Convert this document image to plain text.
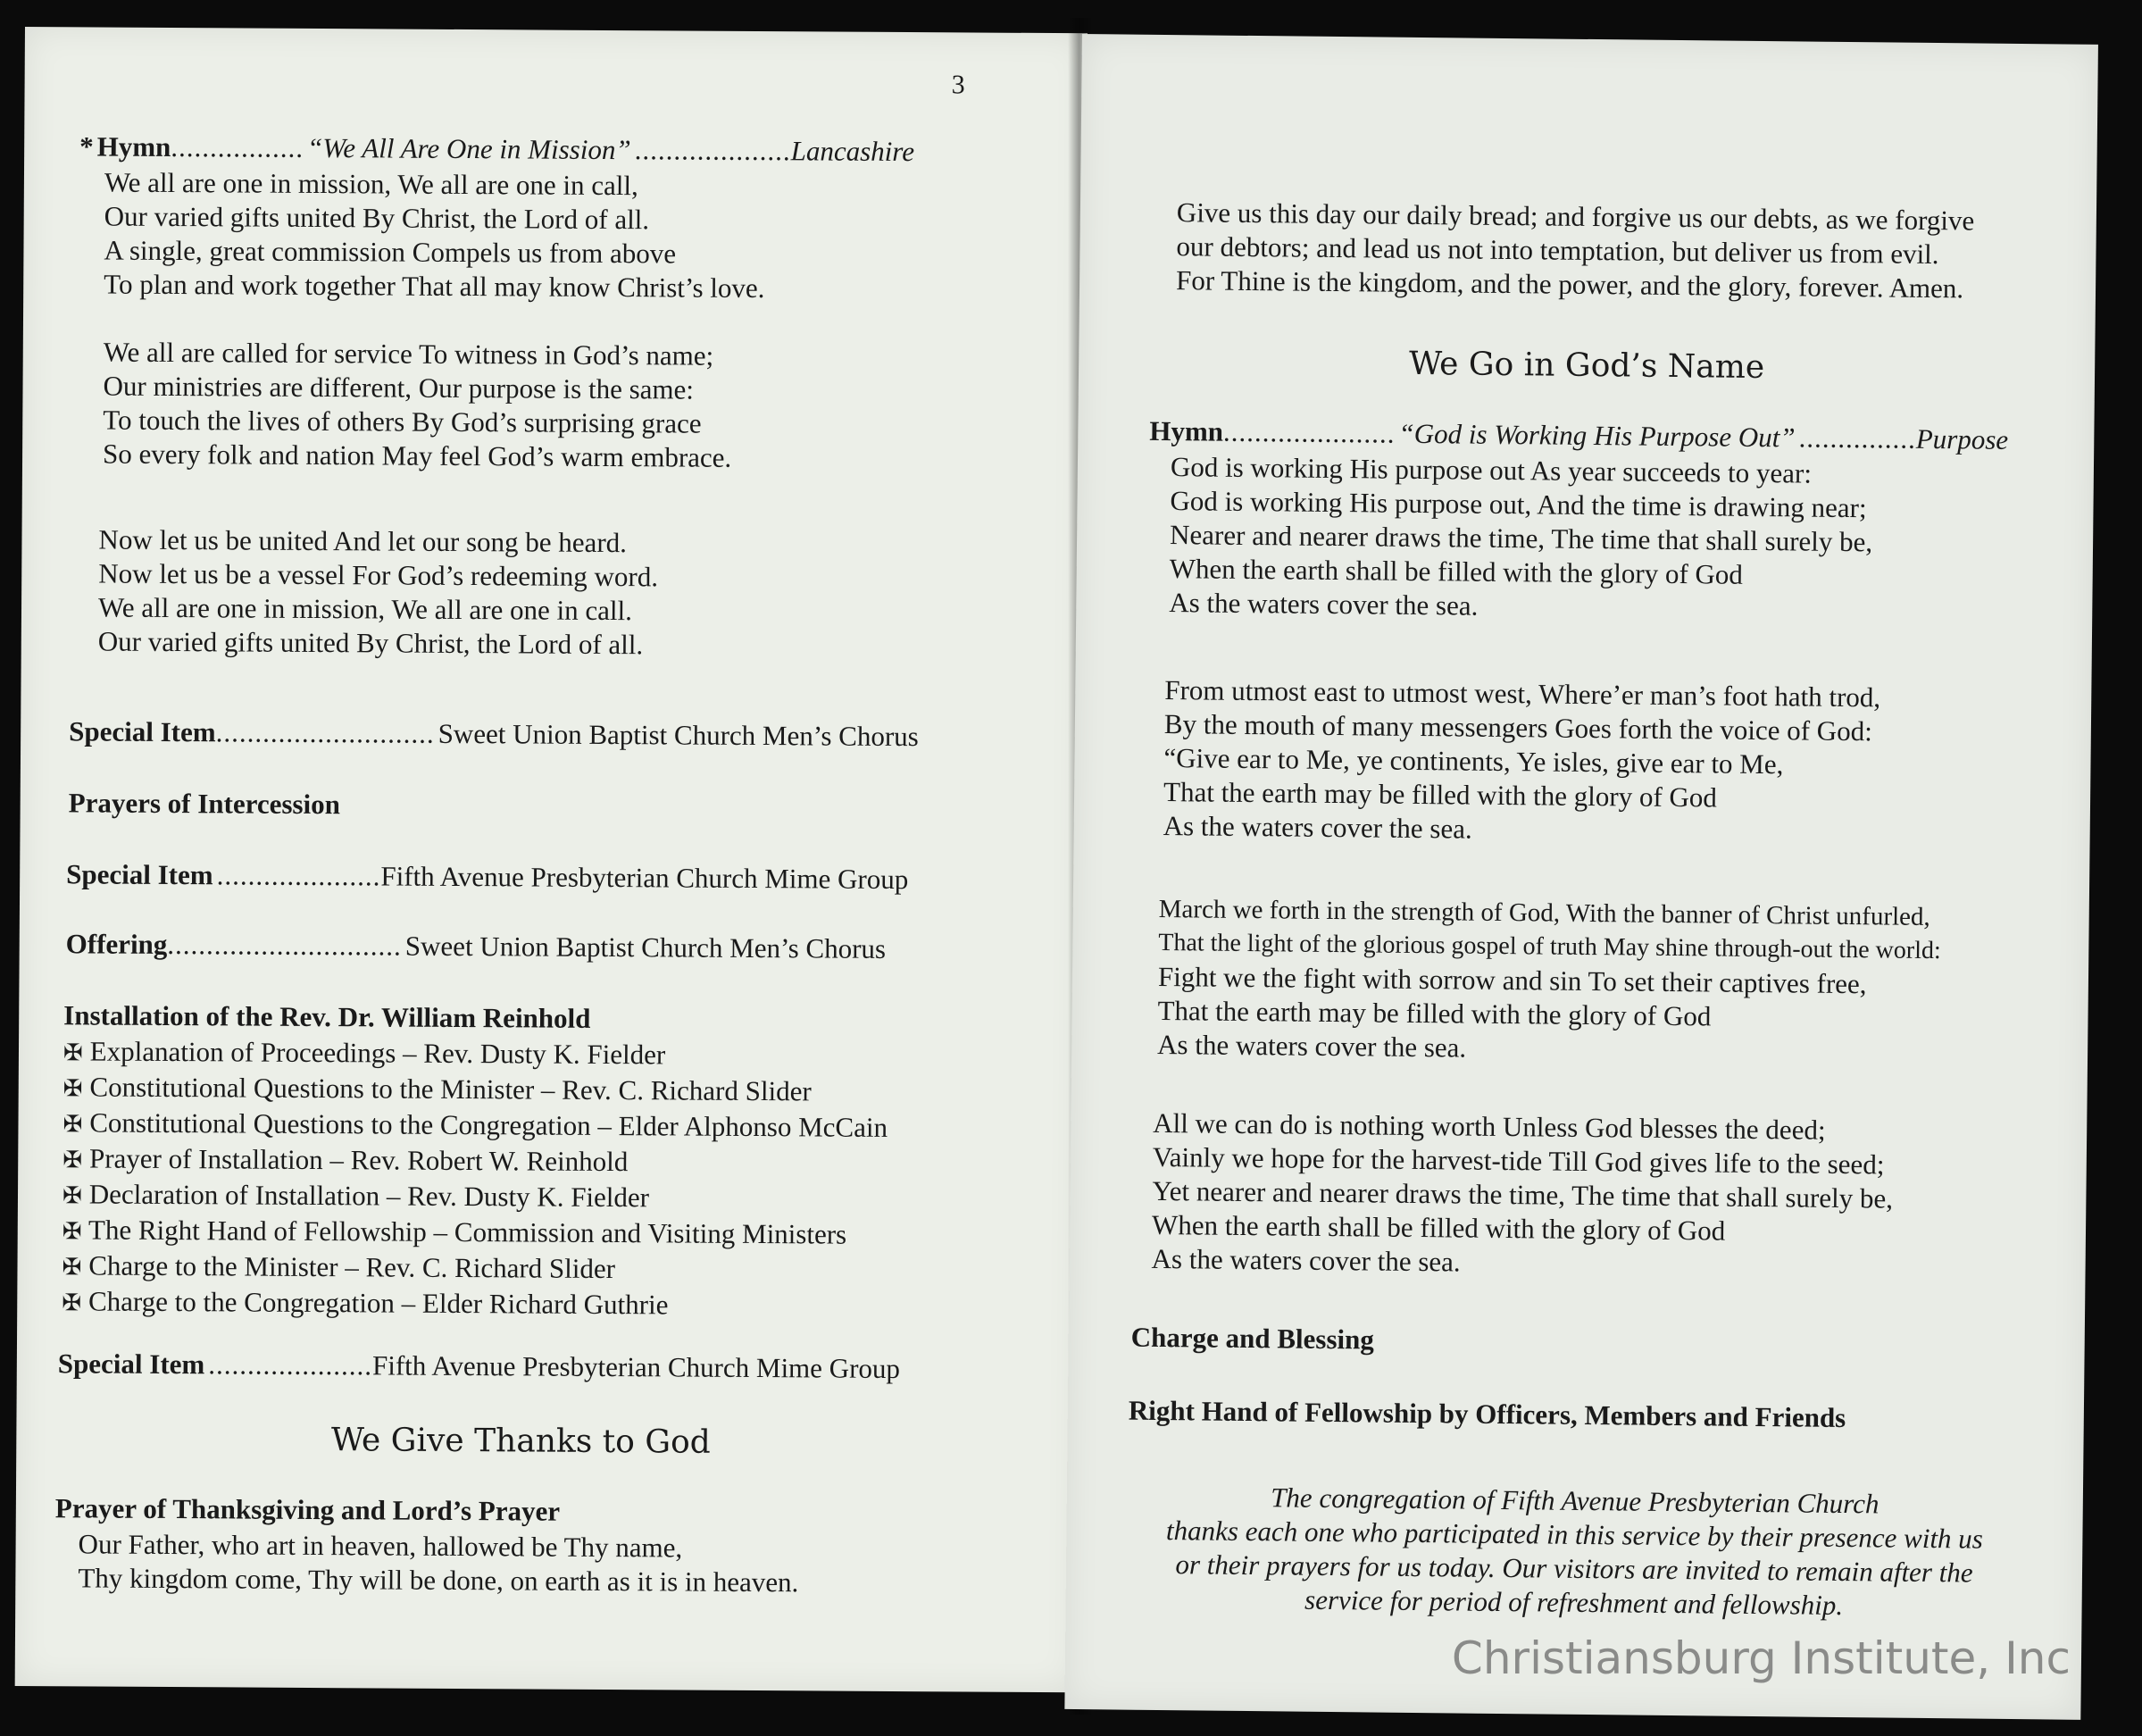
3
* Hymn................. “We All Are One in Mission” ....................Lancashire
We all are one in mission, We all are one in call,
Our varied gifts united By Christ, the Lord of all.
A single, great commission Compels us from above
To plan and work together That all may know Christ’s love.
We all are called for service To witness in God’s name;
Our ministries are different, Our purpose is the same:
To touch the lives of others By God’s surprising grace
So every folk and nation May feel God’s warm embrace.
Now let us be united And let our song be heard.
Now let us be a vessel For God’s redeeming word.
We all are one in mission, We all are one in call.
Our varied gifts united By Christ, the Lord of all.
Special Item............................ Sweet Union Baptist Church Men’s Chorus
Prayers of Intercession
Special Item .....................Fifth Avenue Presbyterian Church Mime Group
Offering.............................. Sweet Union Baptist Church Men’s Chorus
Installation of the Rev. Dr. William Reinhold
✠ Explanation of Proceedings – Rev. Dusty K. Fielder
✠ Constitutional Questions to the Minister – Rev. C. Richard Slider
✠ Constitutional Questions to the Congregation – Elder Alphonso McCain
✠ Prayer of Installation – Rev. Robert W. Reinhold
✠ Declaration of Installation – Rev. Dusty K. Fielder
✠ The Right Hand of Fellowship – Commission and Visiting Ministers
✠ Charge to the Minister – Rev. C. Richard Slider
✠ Charge to the Congregation – Elder Richard Guthrie
Special Item .....................Fifth Avenue Presbyterian Church Mime Group
We Give Thanks to God
Prayer of Thanksgiving and Lord’s Prayer
Our Father, who art in heaven, hallowed be Thy name,
Thy kingdom come, Thy will be done, on earth as it is in heaven.
Give us this day our daily bread; and forgive us our debts, as we forgive
our debtors; and lead us not into temptation, but deliver us from evil.
For Thine is the kingdom, and the power, and the glory, forever. Amen.
We Go in God’s Name
Hymn...................... “God is Working His Purpose Out” ...............Purpose
God is working His purpose out As year succeeds to year:
God is working His purpose out, And the time is drawing near;
Nearer and nearer draws the time, The time that shall surely be,
When the earth shall be filled with the glory of God
As the waters cover the sea.
From utmost east to utmost west, Where’er man’s foot hath trod,
By the mouth of many messengers Goes forth the voice of God:
“Give ear to Me, ye continents, Ye isles, give ear to Me,
That the earth may be filled with the glory of God
As the waters cover the sea.
March we forth in the strength of God, With the banner of Christ unfurled,
That the light of the glorious gospel of truth May shine through-out the world:
Fight we the fight with sorrow and sin To set their captives free,
That the earth may be filled with the glory of God
As the waters cover the sea.
All we can do is nothing worth Unless God blesses the deed;
Vainly we hope for the harvest-tide Till God gives life to the seed;
Yet nearer and nearer draws the time, The time that shall surely be,
When the earth shall be filled with the glory of God
As the waters cover the sea.
Charge and Blessing
Right Hand of Fellowship by Officers, Members and Friends
The congregation of Fifth Avenue Presbyterian Church
thanks each one who participated in this service by their presence with us
or their prayers for us today. Our visitors are invited to remain after the
service for period of refreshment and fellowship.
Christiansburg Institute, Inc
